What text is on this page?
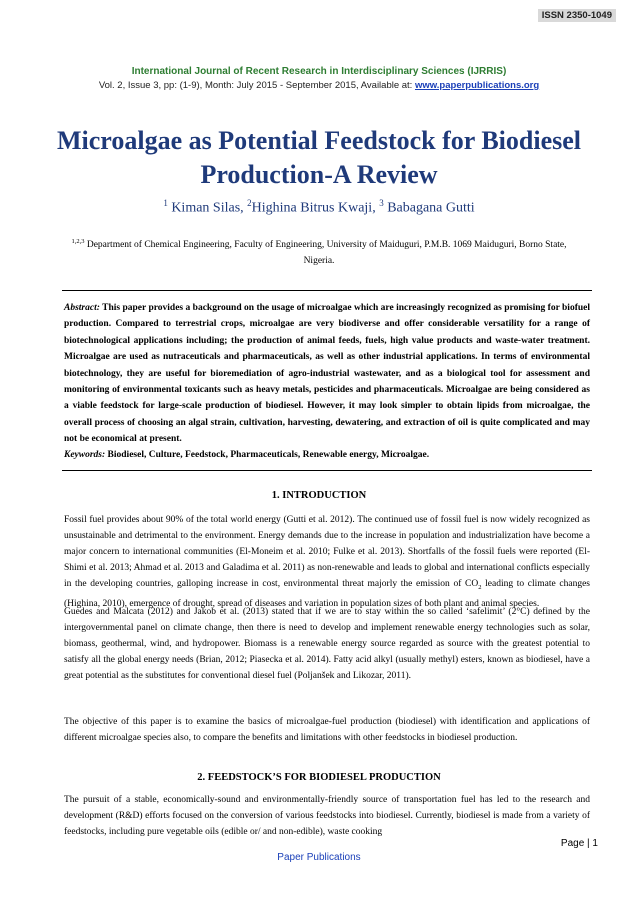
ISSN 2350-1049
International Journal of Recent Research in Interdisciplinary Sciences (IJRRIS)
Vol. 2, Issue 3, pp: (1-9), Month: July 2015 - September 2015, Available at: www.paperpublications.org
Microalgae as Potential Feedstock for Biodiesel Production-A Review
$^1$ Kiman Silas, $^2$Highina Bitrus Kwaji, $^3$ Babagana Gutti
$^{1,2,3}$ Department of Chemical Engineering, Faculty of Engineering, University of Maiduguri, P.M.B. 1069 Maiduguri, Borno State, Nigeria.
Abstract: This paper provides a background on the usage of microalgae which are increasingly recognized as promising for biofuel production. Compared to terrestrial crops, microalgae are very biodiverse and offer considerable versatility for a range of biotechnological applications including; the production of animal feeds, fuels, high value products and waste-water treatment. Microalgae are used as nutraceuticals and pharmaceuticals, as well as other industrial applications. In terms of environmental biotechnology, they are useful for bioremediation of agro-industrial wastewater, and as a biological tool for assessment and monitoring of environmental toxicants such as heavy metals, pesticides and pharmaceuticals. Microalgae are being considered as a viable feedstock for large-scale production of biodiesel. However, it may look simpler to obtain lipids from microalgae, the overall process of choosing an algal strain, cultivation, harvesting, dewatering, and extraction of oil is quite complicated and may not be economical at present.
Keywords: Biodiesel, Culture, Feedstock, Pharmaceuticals, Renewable energy, Microalgae.
1. INTRODUCTION
Fossil fuel provides about 90% of the total world energy (Gutti et al. 2012). The continued use of fossil fuel is now widely recognized as unsustainable and detrimental to the environment. Energy demands due to the increase in population and industrialization have become a major concern to international communities (El-Moneim et al. 2010; Fulke et al. 2013). Shortfalls of the fossil fuels were reported (El-Shimi et al. 2013; Ahmad et al. 2013 and Galadima et al. 2011) as non-renewable and leads to global and international conflicts especially in the developing countries, galloping increase in cost, environmental threat majorly the emission of $CO_2$ leading to climate changes (Highina, 2010), emergence of drought, spread of diseases and variation in population sizes of both plant and animal species.
Guedes and Malcata (2012) and Jakob et al. (2013) stated that if we are to stay within the so called ‘safelimit’ (2°C) defined by the intergovernmental panel on climate change, then there is need to develop and implement renewable energy technologies such as solar, biomass, geothermal, wind, and hydropower. Biomass is a renewable energy source regarded as source with the greatest potential to satisfy all the global energy needs (Brian, 2012; Piasecka et al. 2014). Fatty acid alkyl (usually methyl) esters, known as biodiesel, have a great potential as the substitutes for conventional diesel fuel (Poljanšek and Likozar, 2011).
The objective of this paper is to examine the basics of microalgae-fuel production (biodiesel) with identification and applications of different microalgae species also, to compare the benefits and limitations with other feedstocks in biodiesel production.
2. FEEDSTOCK’S FOR BIODIESEL PRODUCTION
The pursuit of a stable, economically-sound and environmentally-friendly source of transportation fuel has led to the research and development (R&D) efforts focused on the conversion of various feedstocks into biodiesel. Currently, biodiesel is made from a variety of feedstocks, including pure vegetable oils (edible or/ and non-edible), waste cooking
Page | 1
Paper Publications
